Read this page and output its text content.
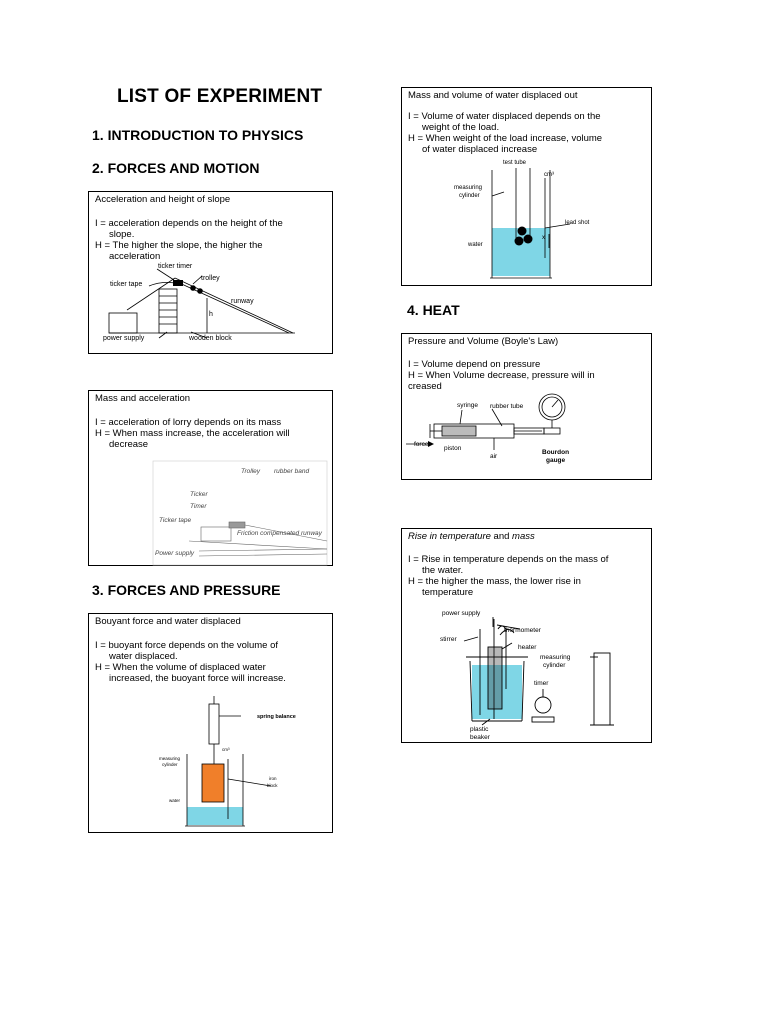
LIST OF EXPERIMENT
1. INTRODUCTION TO PHYSICS
2. FORCES AND MOTION
3. FORCES AND PRESSURE
4. HEAT
Acceleration and height of slope
I = acceleration depends on the height of the
slope.
H = The higher the slope, the higher the
acceleration
ticker timer
trolley
ticker tape
runway
h
power supply	wooden block
Mass and acceleration
I = acceleration of lorry depends on its mass
H = When mass increase, the acceleration will
decrease
Trolley rubber band
Ticker
Timer
Ticker tape
Friction compensated runway
Power supply
Bouyant force and water displaced
I = buoyant force depends on the volume of
water displaced.
H = When the volume of displaced water
increased, the buoyant force will increase.
spring balance
cm³
measuring
cylinder
iron
block
water
Mass and volume of water displaced out
I = Volume of water displaced depends on the
weight of the load.
H = When weight of the load increase, volume
of water displaced increase
test tube
cm³
measuring
cylinder
lead shot
x
water
Pressure and Volume (Boyle's Law)
I = Volume depend on pressure
H = When Volume decrease, pressure will in
creased
syringe rubber tube
force
piston
air
Bourdon
gauge
Rise in temperature and mass
I = Rise in temperature depends on the mass of
the water.
H = the higher the mass, the lower rise in
temperature
power supply
thermometer
stirrer
heater
measuring
cylinder
timer
plastic
beaker
